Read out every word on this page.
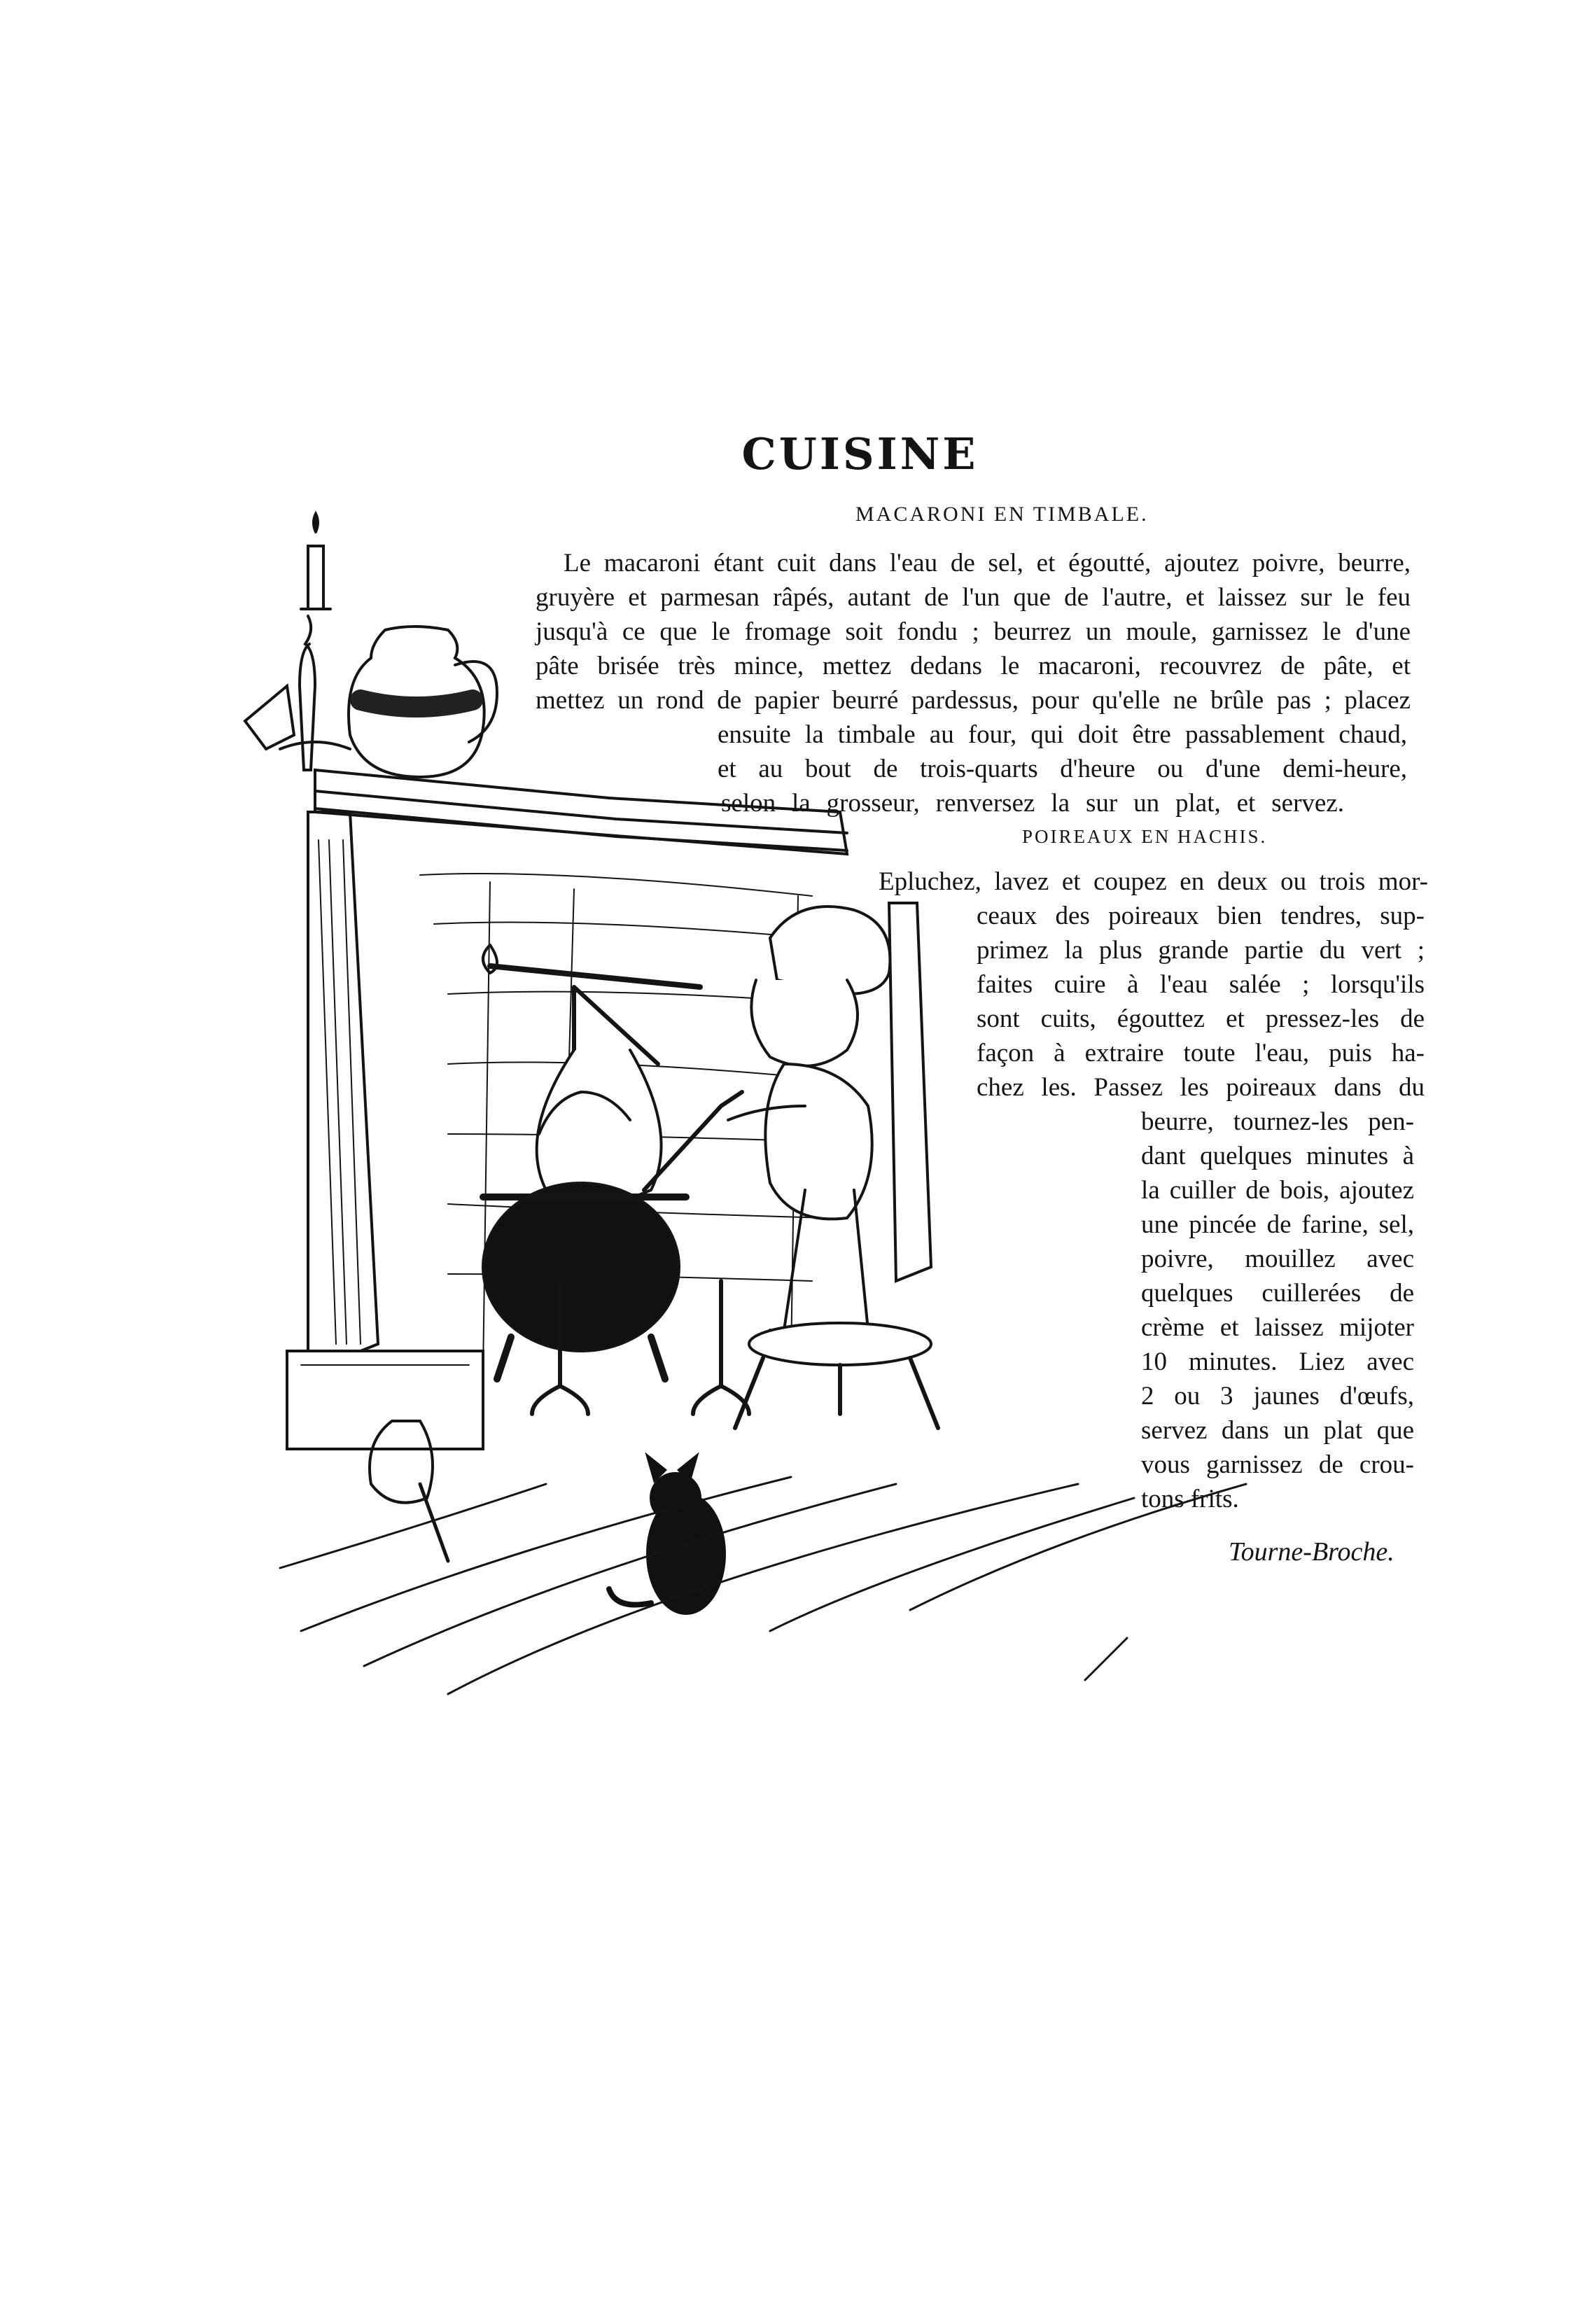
CUISINE
MACARONI EN TIMBALE.
Le macaroni étant cuit dans l'eau de sel, et égoutté, ajoutez poivre, beurre,
gruyère et parmesan râpés, autant de l'un que de l'autre, et laissez sur le feu
jusqu'à ce que le fromage soit fondu ; beurrez un moule, garnissez le d'une
pâte brisée très mince, mettez dedans le macaroni, recouvrez de pâte, et
mettez un rond de papier beurré pardessus, pour qu'elle ne brûle pas ; placez
ensuite la timbale au four, qui doit être passablement chaud,
et au bout de trois-quarts d'heure ou d'une demi-heure,
selon la grosseur, renversez la sur un plat, et servez.
POIREAUX EN HACHIS.
Epluchez, lavez et coupez en deux ou trois mor-
ceaux des poireaux bien tendres, sup-
primez la plus grande partie du vert ;
faites cuire à l'eau salée ; lorsqu'ils
sont cuits, égouttez et pressez-les de
façon à extraire toute l'eau, puis ha-
chez les. Passez les poireaux dans du
beurre, tournez-les pen-
dant quelques minutes à
la cuiller de bois, ajoutez
une pincée de farine, sel,
poivre, mouillez avec
quelques cuillerées de
crème et laissez mijoter
10 minutes. Liez avec
2 ou 3 jaunes d'œufs,
servez dans un plat que
vous garnissez de crou-
tons frits.
Tourne-Broche.
